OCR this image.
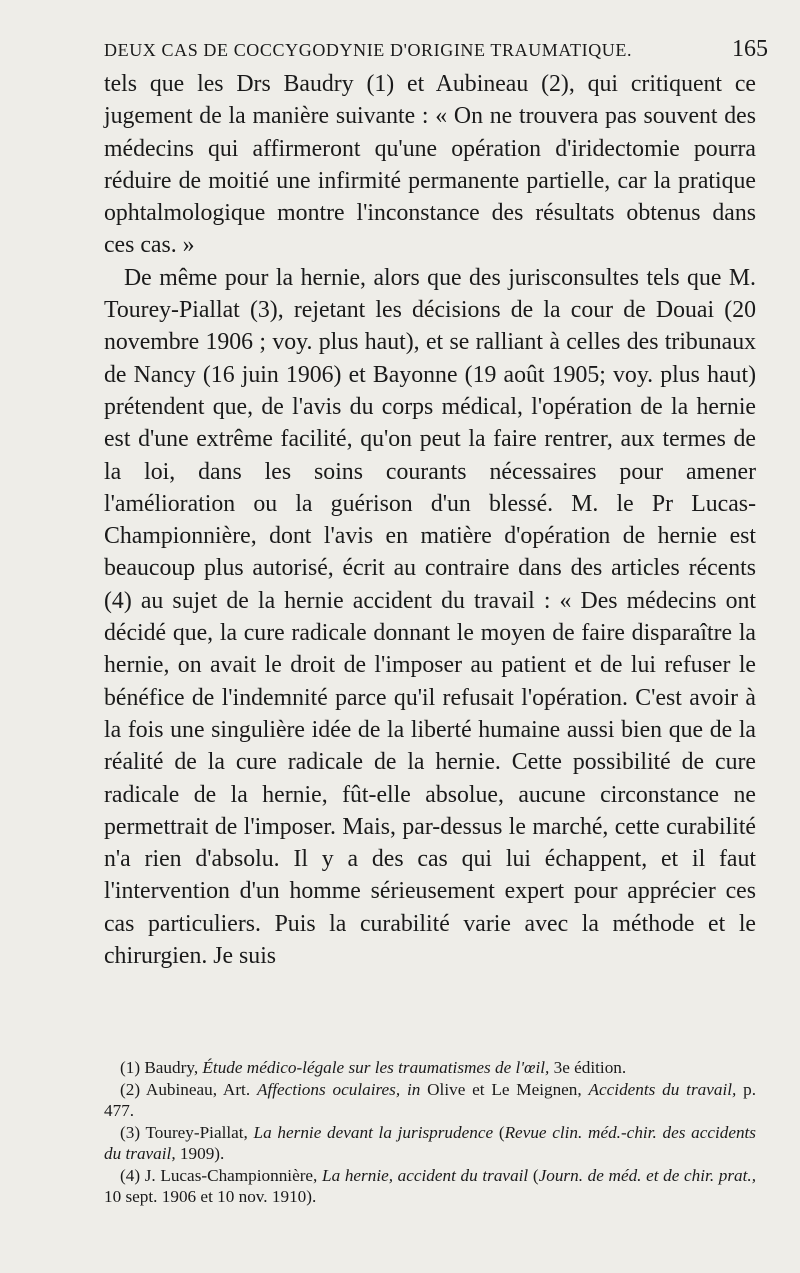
DEUX CAS DE COCCYGODYNIE D'ORIGINE TRAUMATIQUE.	165

tels que les Drs Baudry (1) et Aubineau (2), qui critiquent ce jugement de la manière suivante : « On ne trouvera pas souvent des médecins qui affirmeront qu'une opération d'iridectomie pourra réduire de moitié une infirmité permanente partielle, car la pratique ophtalmologique montre l'inconstance des résultats obtenus dans ces cas. »

De même pour la hernie, alors que des jurisconsultes tels que M. Tourey-Piallat (3), rejetant les décisions de la cour de Douai (20 novembre 1906 ; voy. plus haut), et se ralliant à celles des tribunaux de Nancy (16 juin 1906) et Bayonne (19 août 1905; voy. plus haut) prétendent que, de l'avis du corps médical, l'opération de la hernie est d'une extrême facilité, qu'on peut la faire rentrer, aux termes de la loi, dans les soins courants nécessaires pour amener l'amélioration ou la guérison d'un blessé. M. le Pr Lucas-Championnière, dont l'avis en matière d'opération de hernie est beaucoup plus autorisé, écrit au contraire dans des articles récents (4) au sujet de la hernie accident du travail : « Des médecins ont décidé que, la cure radicale donnant le moyen de faire disparaître la hernie, on avait le droit de l'imposer au patient et de lui refuser le bénéfice de l'indemnité parce qu'il refusait l'opération. C'est avoir à la fois une singulière idée de la liberté humaine aussi bien que de la réalité de la cure radicale de la hernie. Cette possibilité de cure radicale de la hernie, fût-elle absolue, aucune circonstance ne permettrait de l'imposer. Mais, par-dessus le marché, cette curabilité n'a rien d'absolu. Il y a des cas qui lui échappent, et il faut l'intervention d'un homme sérieusement expert pour apprécier ces cas particuliers. Puis la curabilité varie avec la méthode et le chirurgien. Je suis

(1) Baudry, Étude médico-légale sur les traumatismes de l'œil, 3e édition.

(2) Aubineau, Art. Affections oculaires, in Olive et Le Meignen, Accidents du travail, p. 477.

(3) Tourey-Piallat, La hernie devant la jurisprudence (Revue clin. méd.-chir. des accidents du travail, 1909).

(4) J. Lucas-Championnière, La hernie, accident du travail (Journ. de méd. et de chir. prat., 10 sept. 1906 et 10 nov. 1910).
